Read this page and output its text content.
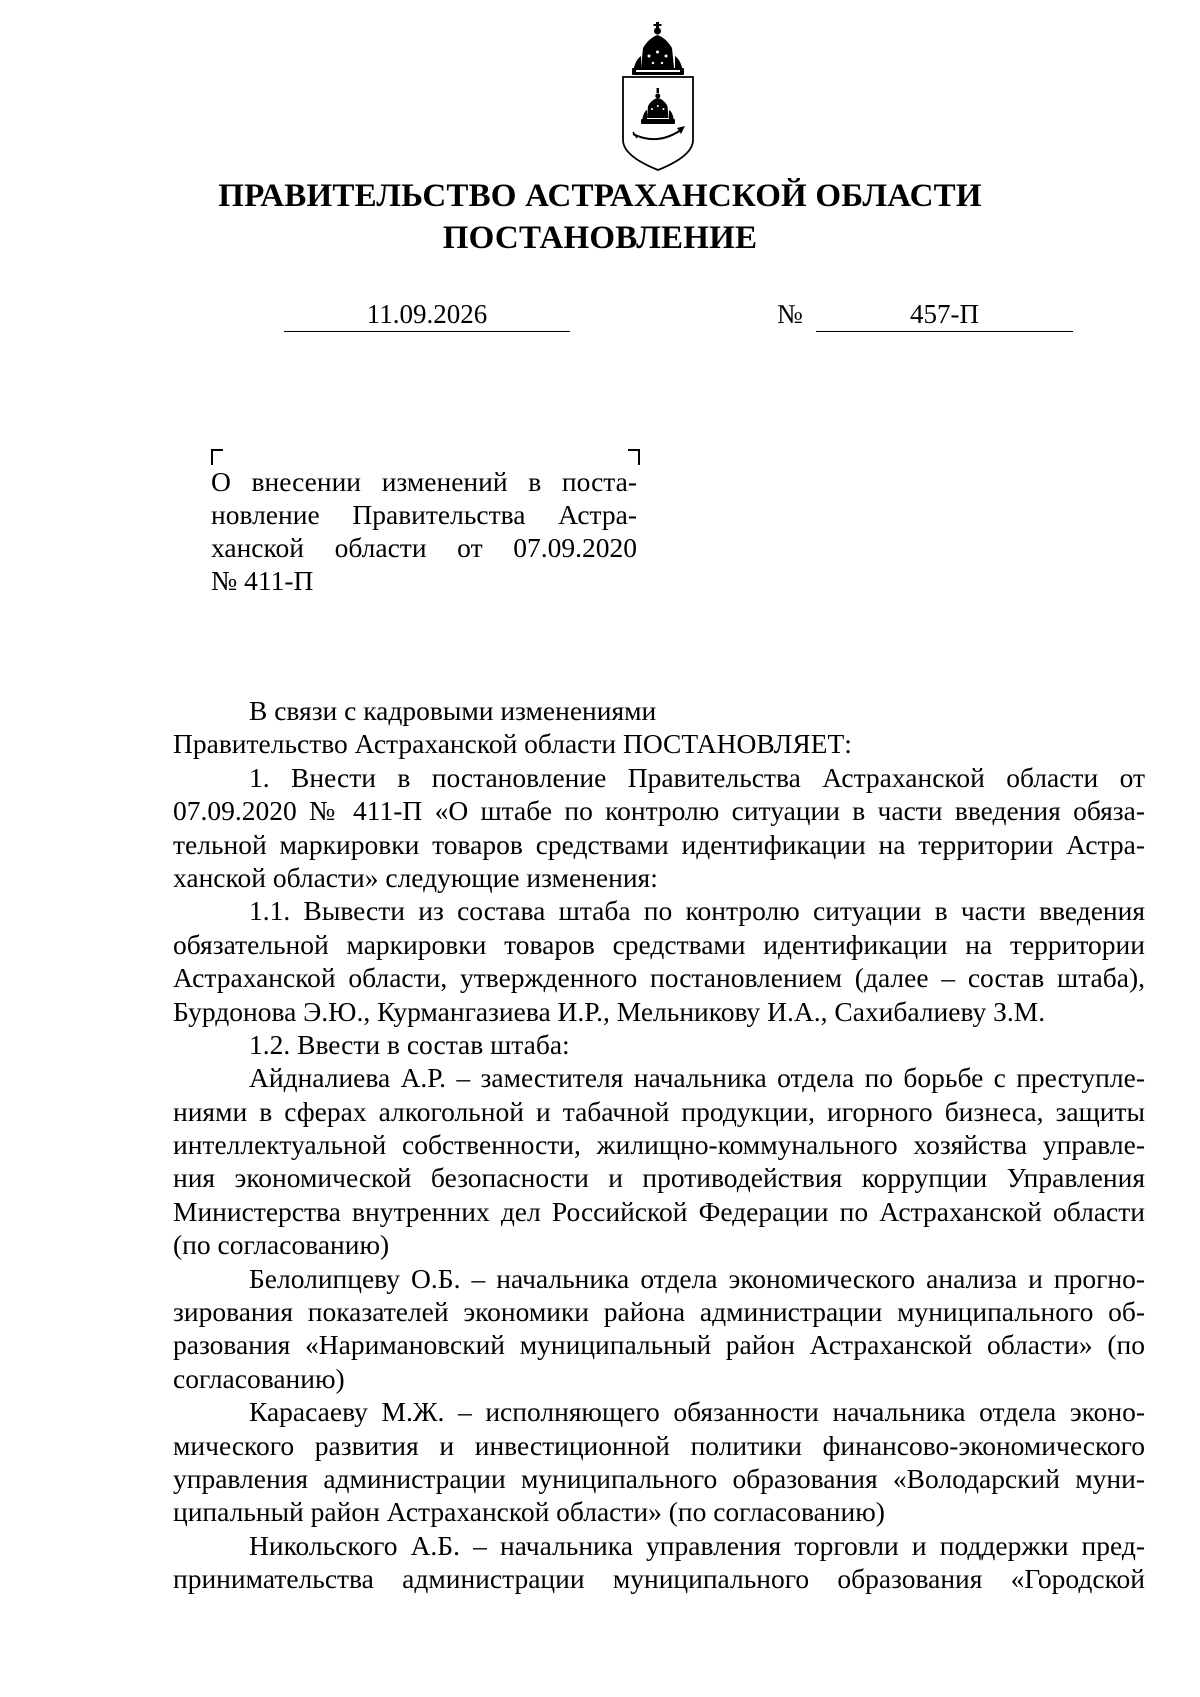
ПРАВИТЕЛЬСТВО АСТРАХАНСКОЙ ОБЛАСТИ
ПОСТАНОВЛЕНИЕ
11.09.2026	№	457-П
О внесении изменений в поста-
новление Правительства Астра-
ханской области от 07.09.2020
№ 411-П
В связи с кадровыми изменениями
Правительство Астраханской области ПОСТАНОВЛЯЕТ:
1. Внести в постановление Правительства Астраханской области от
07.09.2020 № 411-П «О штабе по контролю ситуации в части введения обяза-
тельной маркировки товаров средствами идентификации на территории Астра-
ханской области» следующие изменения:
1.1. Вывести из состава штаба по контролю ситуации в части введения
обязательной маркировки товаров средствами идентификации на территории
Астраханской области, утвержденного постановлением (далее – состав штаба),
Бурдонова Э.Ю., Курмангазиева И.Р., Мельникову И.А., Сахибалиеву З.М.
1.2. Ввести в состав штаба:
Айдналиева А.Р. – заместителя начальника отдела по борьбе с преступле-
ниями в сферах алкогольной и табачной продукции, игорного бизнеса, защиты
интеллектуальной собственности, жилищно-коммунального хозяйства управле-
ния экономической безопасности и противодействия коррупции Управления
Министерства внутренних дел Российской Федерации по Астраханской области
(по согласованию)
Белолипцеву О.Б. – начальника отдела экономического анализа и прогно-
зирования показателей экономики района администрации муниципального об-
разования «Наримановский муниципальный район Астраханской области» (по
согласованию)
Карасаеву М.Ж. – исполняющего обязанности начальника отдела эконо-
мического развития и инвестиционной политики финансово-экономического
управления администрации муниципального образования «Володарский муни-
ципальный район Астраханской области» (по согласованию)
Никольского А.Б. – начальника управления торговли и поддержки пред-
принимательства администрации муниципального образования «Городской
